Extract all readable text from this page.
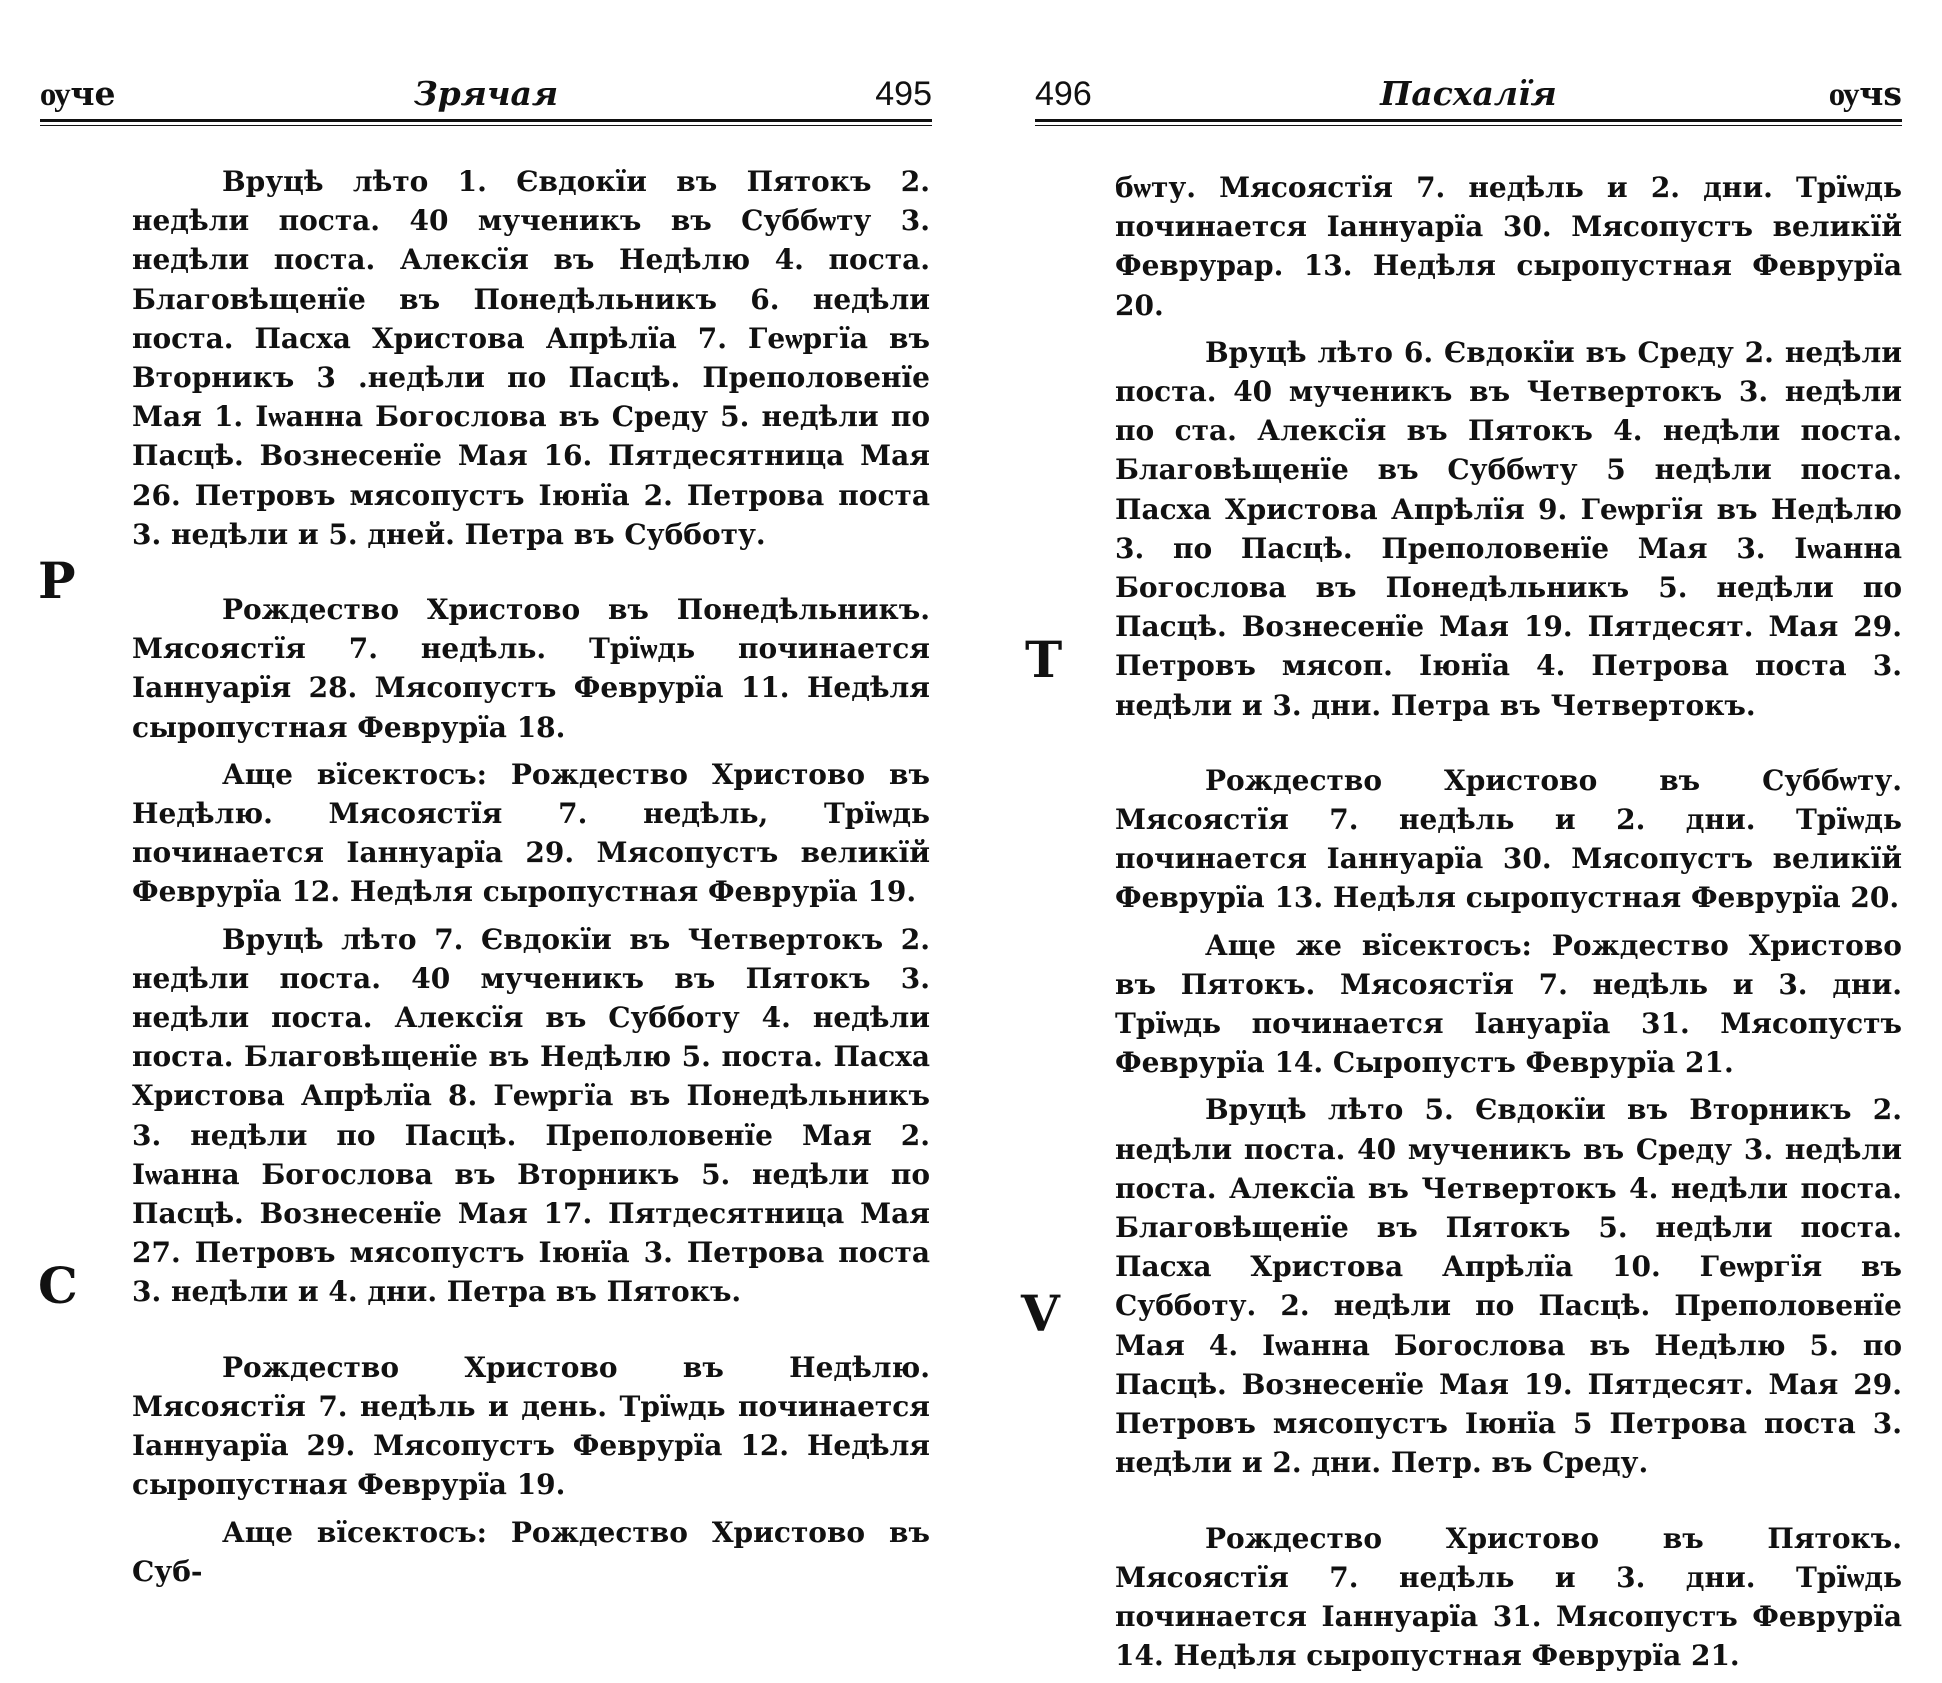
ѹче	Зрячая	495
Р
С

Вруцѣ лѣто 1. Євдокїи въ Пятокъ 2. недѣли поста. 40 мученикъ въ Суббѡту 3. недѣли поста. Алексїя въ Недѣлю 4. поста. Благовѣщенїе въ Понедѣльникъ 6. недѣли поста. Пасха Христова Апрѣлїа 7. Геѡргїа въ Вторникъ 3 .недѣли по Пасцѣ. Преполовенїе Мая 1. Іѡанна Богослова въ Среду 5. недѣли по Пасцѣ. Вознесенїе Мая 16. Пятдесятница Мая 26. Петровъ мясопустъ Іюнїа 2. Петрова поста 3. недѣли и 5. дней. Петра въ Субботу.

Рождество Христово въ Понедѣльникъ. Мясоястїя 7. недѣль. Трїѡдь починается Іаннуарїя 28. Мясопустъ Феврурїа 11. Недѣля сыропустная Феврурїа 18.

Аще вїсектосъ: Рождество Христово въ Недѣлю. Мясоястїя 7. недѣль, Трїѡдь починается Іаннуарїа 29. Мясопустъ великїй Феврурїа 12. Недѣля сыропустная Феврурїа 19.

Вруцѣ лѣто 7. Євдокїи въ Четвертокъ 2. недѣли поста. 40 мученикъ въ Пятокъ 3. недѣли поста. Алексїя въ Субботу 4. недѣли поста. Благовѣщенїе въ Недѣлю 5. поста. Пасха Христова Апрѣлїа 8. Геѡргїа въ Понедѣльникъ 3. недѣли по Пасцѣ. Преполовенїе Мая 2. Іѡанна Богослова въ Вторникъ 5. недѣли по Пасцѣ. Вознесенїе Мая 17. Пятдесятница Мая 27. Петровъ мясопустъ Іюнїа 3. Петрова поста 3. недѣли и 4. дни. Петра въ Пятокъ.

Рождество Христово въ Недѣлю. Мясоястїя 7. недѣль и день. Трїѡдь починается Іаннуарїа 29. Мясопустъ Феврурїа 12. Недѣля сыропустная Феврурїа 19.

Аще вїсектосъ: Рождество Христово въ Суб-

496	Пасхалїя	ѹчѕ
Т
V

бѡту. Мясоястїя 7. недѣль и 2. дни. Трїѡдь починается Іаннуарїа 30. Мясопустъ великїй Феврурар. 13. Недѣля сыропустная Феврурїа 20.

Вруцѣ лѣто 6. Євдокїи въ Среду 2. недѣли поста. 40 мученикъ въ Четвертокъ 3. недѣли по ста. Алексїя въ Пятокъ 4. недѣли поста. Благовѣщенїе въ Суббѡту 5 недѣли поста. Пасха Христова Апрѣлїя 9. Геѡргїя въ Недѣлю 3. по Пасцѣ. Преполовенїе Мая 3. Іѡанна Богослова въ Понедѣльникъ 5. недѣли по Пасцѣ. Вознесенїе Мая 19. Пятдесят. Мая 29. Петровъ мясоп. Іюнїа 4. Петрова поста 3. недѣли и 3. дни. Петра въ Четвертокъ.

Рождество Христово въ Суббѡту. Мясоястїя 7. недѣль и 2. дни. Трїѡдь починается Іаннуарїа 30. Мясопустъ великїй Феврурїа 13. Недѣля сыропустная Феврурїа 20.

Аще же вїсектосъ: Рождество Христово въ Пятокъ. Мясоястїя 7. недѣль и 3. дни. Трїѡдь починается Іануарїа 31. Мясопустъ Феврурїа 14. Сыропустъ Феврурїа 21.

Вруцѣ лѣто 5. Євдокїи въ Вторникъ 2. недѣли поста. 40 мученикъ въ Среду 3. недѣли поста. Алексїа въ Четвертокъ 4. недѣли поста. Благовѣщенїе въ Пятокъ 5. недѣли поста. Пасха Христова Апрѣлїа 10. Геѡргїя въ Субботу. 2. недѣли по Пасцѣ. Преполовенїе Мая 4. Іѡанна Богослова въ Недѣлю 5. по Пасцѣ. Вознесенїе Мая 19. Пятдесят. Мая 29. Петровъ мясопустъ Іюнїа 5 Петрова поста 3. недѣли и 2. дни. Петр. въ Среду.

Рождество Христово въ Пятокъ. Мясоястїя 7. недѣль и 3. дни. Трїѡдь починается Іаннуарїа 31. Мясопустъ Феврурїа 14. Недѣля сыропустная Феврурїа 21.
